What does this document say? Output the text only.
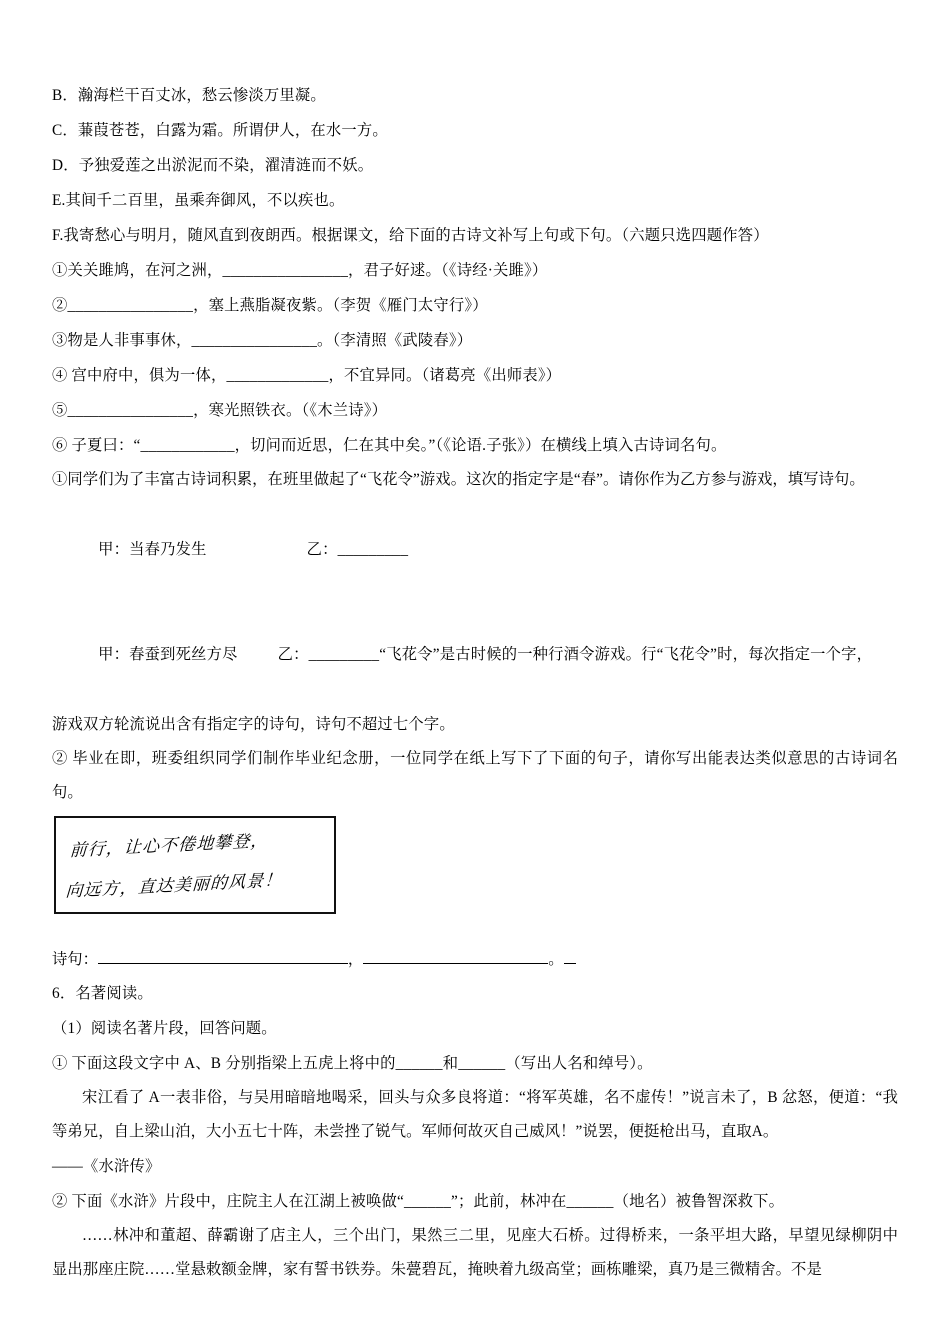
B．瀚海栏干百丈冰，愁云惨淡万里凝。
C．蒹葭苍苍，白露为霜。所谓伊人，在水一方。
D．予独爱莲之出淤泥而不染，濯清涟而不妖。
E.其间千二百里，虽乘奔御风，不以疾也。
F.我寄愁心与明月，随风直到夜朗西。根据课文，给下面的古诗文补写上句或下句。（六题只选四题作答）
①关关雎鸠，在河之洲，________________，君子好逑。（《诗经·关雎》）
②________________，塞上燕脂凝夜紫。（李贺《雁门太守行》）
③物是人非事事休，________________。（李清照《武陵春》）
④ 宫中府中，俱为一体，_____________，不宜异同。（诸葛亮《出师表》）
⑤________________，寒光照铁衣。（《木兰诗》）
⑥ 子夏曰：“____________，切问而近思，仁在其中矣。”（《论语.子张》）在横线上填入古诗词名句。
①同学们为了丰富古诗词积累，在班里做起了“飞花令”游戏。这次的指定字是“春”。请你作为乙方参与游戏，填写诗句。

甲：当春乃发生	乙：_________

甲：春蚕到死丝方尽	乙：_________“飞花令”是古时候的一种行酒令游戏。行“飞花令”时，每次指定一个字，

游戏双方轮流说出含有指定字的诗句，诗句不超过七个字。
② 毕业在即，班委组织同学们制作毕业纪念册，一位同学在纸上写下了下面的句子，请你写出能表达类似意思的古诗词名句。
前行，让心不倦地攀登，
向远方，直达美丽的风景！
诗句：	，	。
6．名著阅读。
（1）阅读名著片段，回答问题。
① 下面这段文字中 A、B 分别指梁上五虎上将中的______和______（写出人名和绰号）。
宋江看了 A一表非俗，与吴用暗暗地喝采，回头与众多良将道：“将军英雄，名不虚传！”说言未了，B 忿怒，便道：“我等弟兄，自上梁山泊，大小五七十阵，未尝挫了锐气。军师何故灭自己威风！”说罢，便挺枪出马，直取A。
——《水浒传》
② 下面《水浒》片段中，庄院主人在江湖上被唤做“______”；此前，林冲在______（地名）被鲁智深救下。
……林冲和董超、薛霸谢了店主人，三个出门，果然三二里，见座大石桥。过得桥来，一条平坦大路，早望见绿柳阴中显出那座庄院……堂悬敕额金牌，家有誓书铁券。朱甍碧瓦，掩映着九级高堂；画栋雕梁，真乃是三微精舍。不是
